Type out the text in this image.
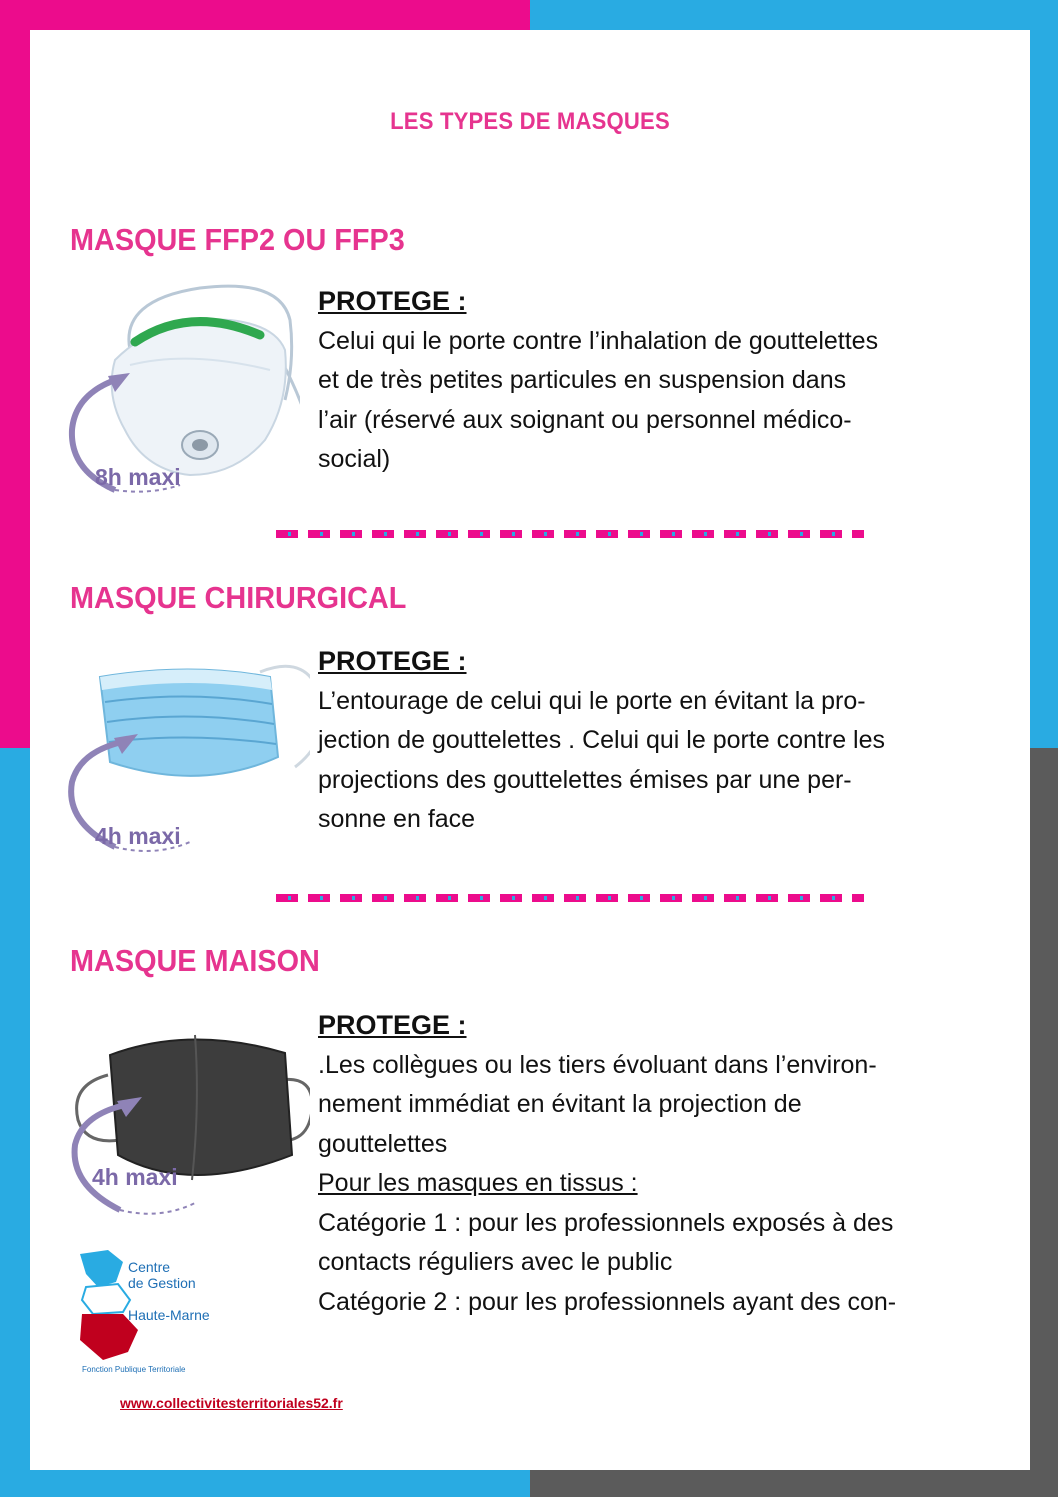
LES TYPES DE MASQUES
MASQUE FFP2 OU FFP3
8h maxi
PROTEGE :
Celui qui le porte contre l’inhalation de gouttelettes
et de très petites particules en suspension dans
l’air (réservé aux soignant ou personnel médico-
social)
MASQUE CHIRURGICAL
4h maxi
PROTEGE :
L’entourage de celui qui le porte en évitant la pro-
jection de gouttelettes . Celui qui le porte contre les
projections des gouttelettes émises par une per-
sonne en face
MASQUE MAISON
4h maxi
PROTEGE :
.Les collègues ou les tiers évoluant dans l’environ-
nement immédiat en évitant la projection de
gouttelettes
Pour les masques en tissus :
Catégorie 1 : pour les professionnels exposés à des
contacts réguliers avec le public
Catégorie 2 : pour les professionnels ayant des con-
Centre
de Gestion
Haute-Marne
Fonction Publique Territoriale
www.collectivitesterritoriales52.fr
